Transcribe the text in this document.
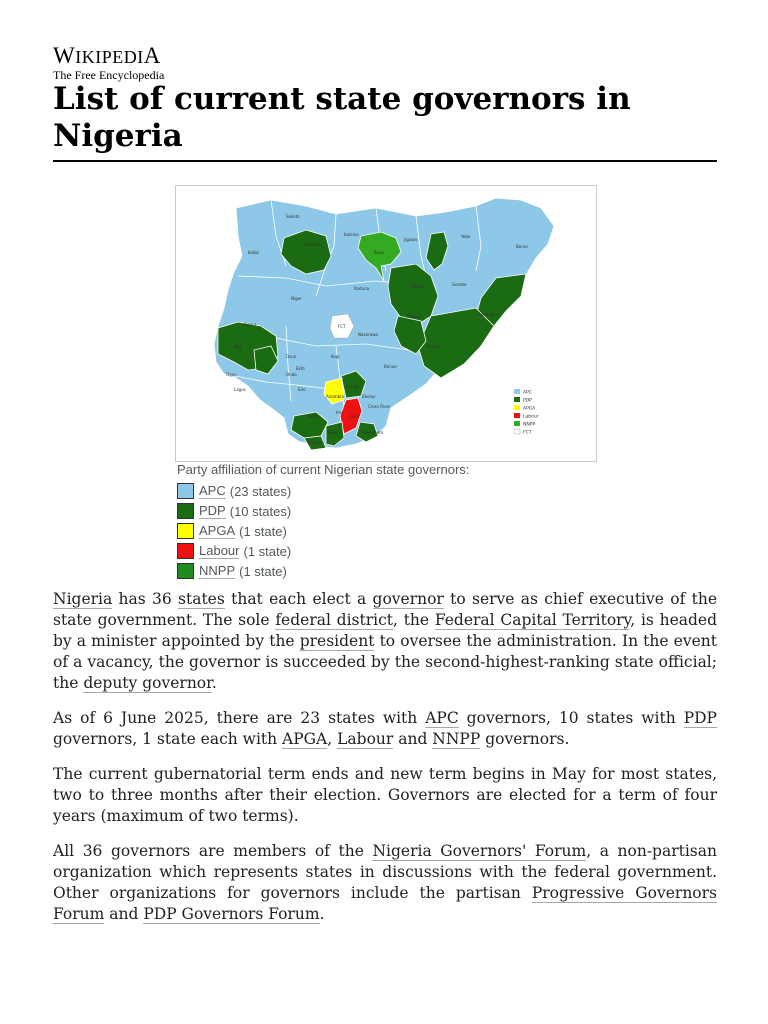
WIKIPEDIA
The Free Encyclopedia
List of current state governors in Nigeria
Sokoto
Katsina
Kano
Jigawa
Yobe
Borno
Kebbi
Zamfara
Kaduna	Bauchi	Gombe
Adamawa
Niger
FCT
Plateau
Nasarawa
Taraba
Kwara
Oyo
Osun
Ekiti
Kogi
Benue
Ogun	Ondo
Edo
Enugu
Ebonyi
Cross River
Lagos
Delta
Anambra
Imo
Abia
Rivers
Bayelsa
Akwa Ibom
APC
PDP
APGA
Labour
NNPP
FCT
Party affiliation of current Nigerian state governors:
APC (23 states)
PDP (10 states)
APGA (1 state)
Labour (1 state)
NNPP (1 state)

Nigeria has 36 states that each elect a governor to serve as chief executive of the state government. The sole federal district, the Federal Capital Territory, is headed by a minister appointed by the president to oversee the administration. In the event of a vacancy, the governor is succeeded by the second-highest-ranking state official; the deputy governor.

As of 6 June 2025, there are 23 states with APC governors, 10 states with PDP governors, 1 state each with APGA, Labour and NNPP governors.

The current gubernatorial term ends and new term begins in May for most states, two to three months after their election. Governors are elected for a term of four years (maximum of two terms).

All 36 governors are members of the Nigeria Governors' Forum, a non-partisan organization which represents states in discussions with the federal government. Other organizations for governors include the partisan Progressive Governors Forum and PDP Governors Forum.
